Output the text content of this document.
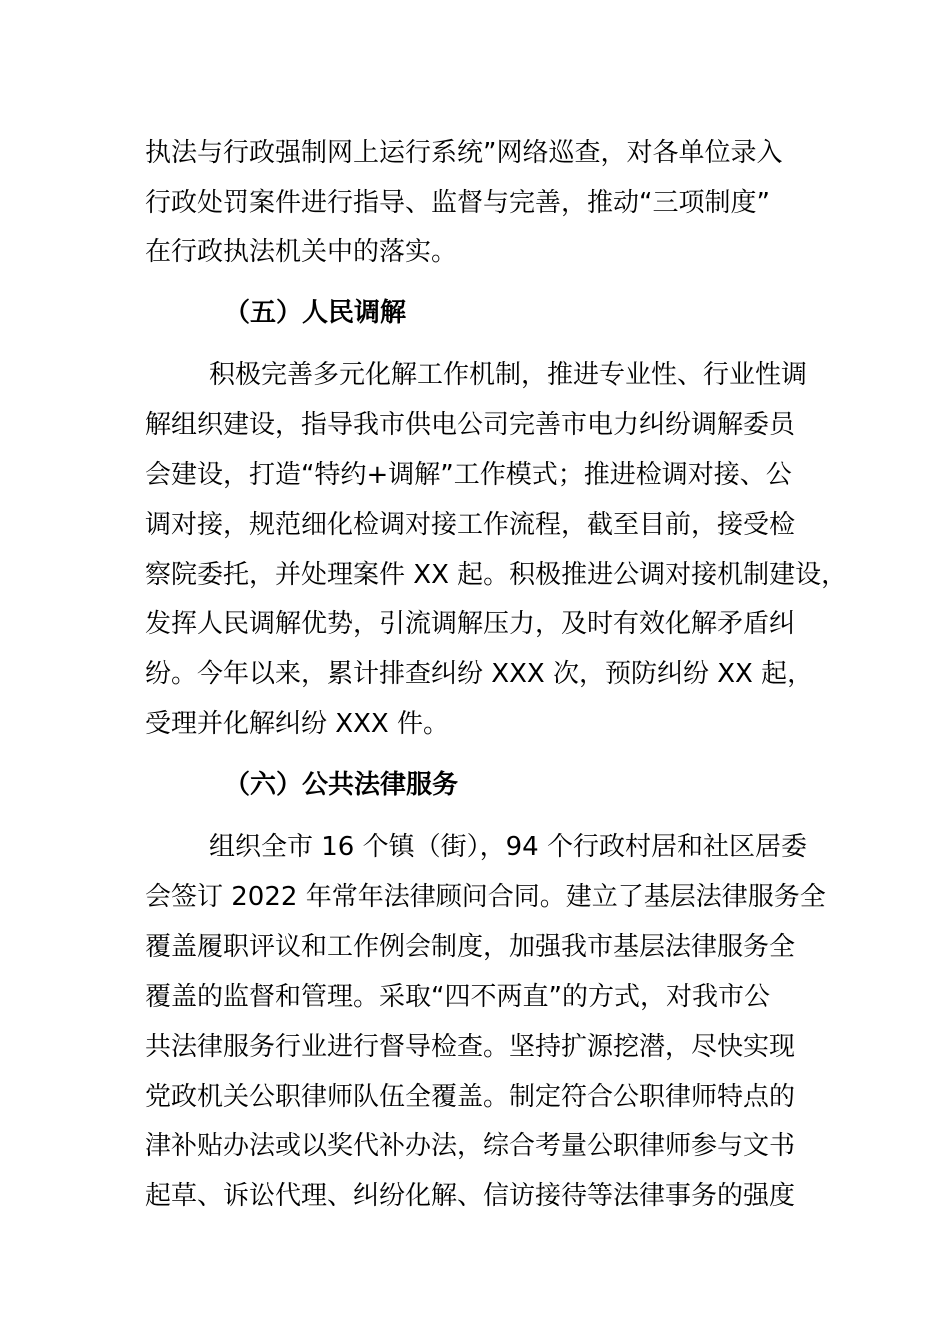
执法与行政强制网上运行系统”网络巡查，对各单位录入
行政处罚案件进行指导、监督与完善，推动“三项制度”
在行政执法机关中的落实。
（五）人民调解
积极完善多元化解工作机制，推进专业性、行业性调
解组织建设，指导我市供电公司完善市电力纠纷调解委员
会建设，打造“特约+调解”工作模式；推进检调对接、公
调对接，规范细化检调对接工作流程，截至目前，接受检
察院委托，并处理案件 XX 起。积极推进公调对接机制建设，
发挥人民调解优势，引流调解压力，及时有效化解矛盾纠
纷。今年以来，累计排查纠纷 XXX 次，预防纠纷 XX 起，
受理并化解纠纷 XXX 件。
（六）公共法律服务
组织全市 16 个镇（街），94 个行政村居和社区居委
会签订 2022 年常年法律顾问合同。建立了基层法律服务全
覆盖履职评议和工作例会制度，加强我市基层法律服务全
覆盖的监督和管理。采取“四不两直”的方式，对我市公
共法律服务行业进行督导检查。坚持扩源挖潜，尽快实现
党政机关公职律师队伍全覆盖。制定符合公职律师特点的
津补贴办法或以奖代补办法，综合考量公职律师参与文书
起草、诉讼代理、纠纷化解、信访接待等法律事务的强度
